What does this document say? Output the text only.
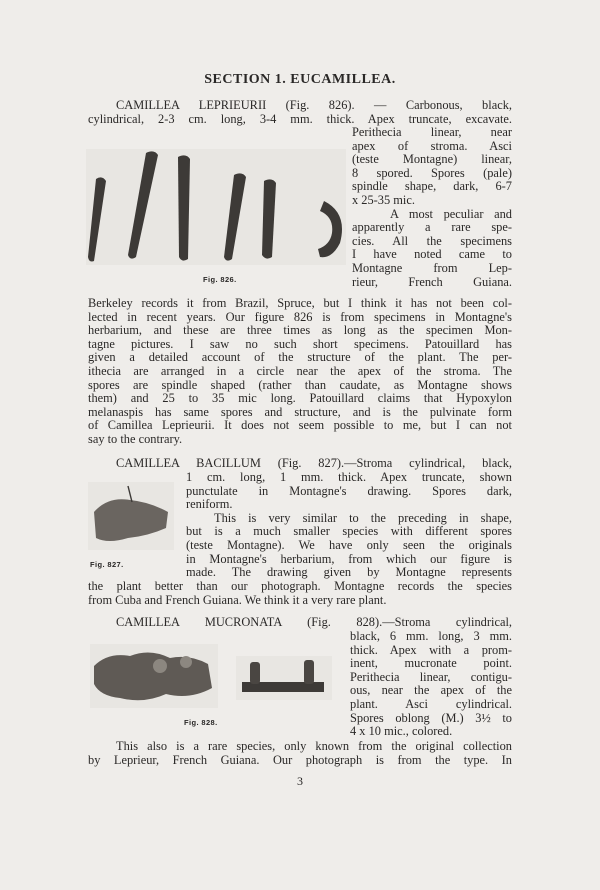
SECTION 1. EUCAMILLEA.
CAMILLEA LEPRIEURII (Fig. 826). — Carbonous, black,
cylindrical, 2-3 cm. long, 3-4 mm. thick. Apex truncate, excavate.
Fig. 826.
Perithecia linear, near
apex of stroma. Asci
(teste Montagne) linear,
8 spored. Spores (pale)
spindle shape, dark, 6-7
x 25-35 mic.
A most peculiar and
apparently a rare spe-
cies. All the specimens
I have noted came to
Montagne from Lep-
rieur, French Guiana.
Berkeley records it from Brazil, Spruce, but I think it has not been col-
lected in recent years. Our figure 826 is from specimens in Montagne's
herbarium, and these are three times as long as the specimen Mon-
tagne pictures. I saw no such short specimens. Patouillard has
given a detailed account of the structure of the plant. The per-
ithecia are arranged in a circle near the apex of the stroma. The
spores are spindle shaped (rather than caudate, as Montagne shows
them) and 25 to 35 mic long. Patouillard claims that Hypoxylon
melanaspis has same spores and structure, and is the pulvinate form
of Camillea Leprieurii. It does not seem possible to me, but I can not
say to the contrary.
CAMILLEA BACILLUM (Fig. 827).—Stroma cylindrical, black,
Fig. 827.
1 cm. long, 1 mm. thick. Apex truncate, shown
punctulate in Montagne's drawing. Spores dark,
reniform.
This is very similar to the preceding in shape,
but is a much smaller species with different spores
(teste Montagne). We have only seen the originals
in Montagne's herbarium, from which our figure is
made. The drawing given by Montagne represents
the plant better than our photograph. Montagne records the species
from Cuba and French Guiana. We think it a very rare plant.
CAMILLEA MUCRONATA (Fig. 828).—Stroma cylindrical,
Fig. 828.
black, 6 mm. long, 3 mm.
thick. Apex with a prom-
inent, mucronate point.
Perithecia linear, contigu-
ous, near the apex of the
plant. Asci cylindrical.
Spores oblong (M.) 3½ to
4 x 10 mic., colored.
This also is a rare species, only known from the original collection
by Leprieur, French Guiana. Our photograph is from the type. In
3
